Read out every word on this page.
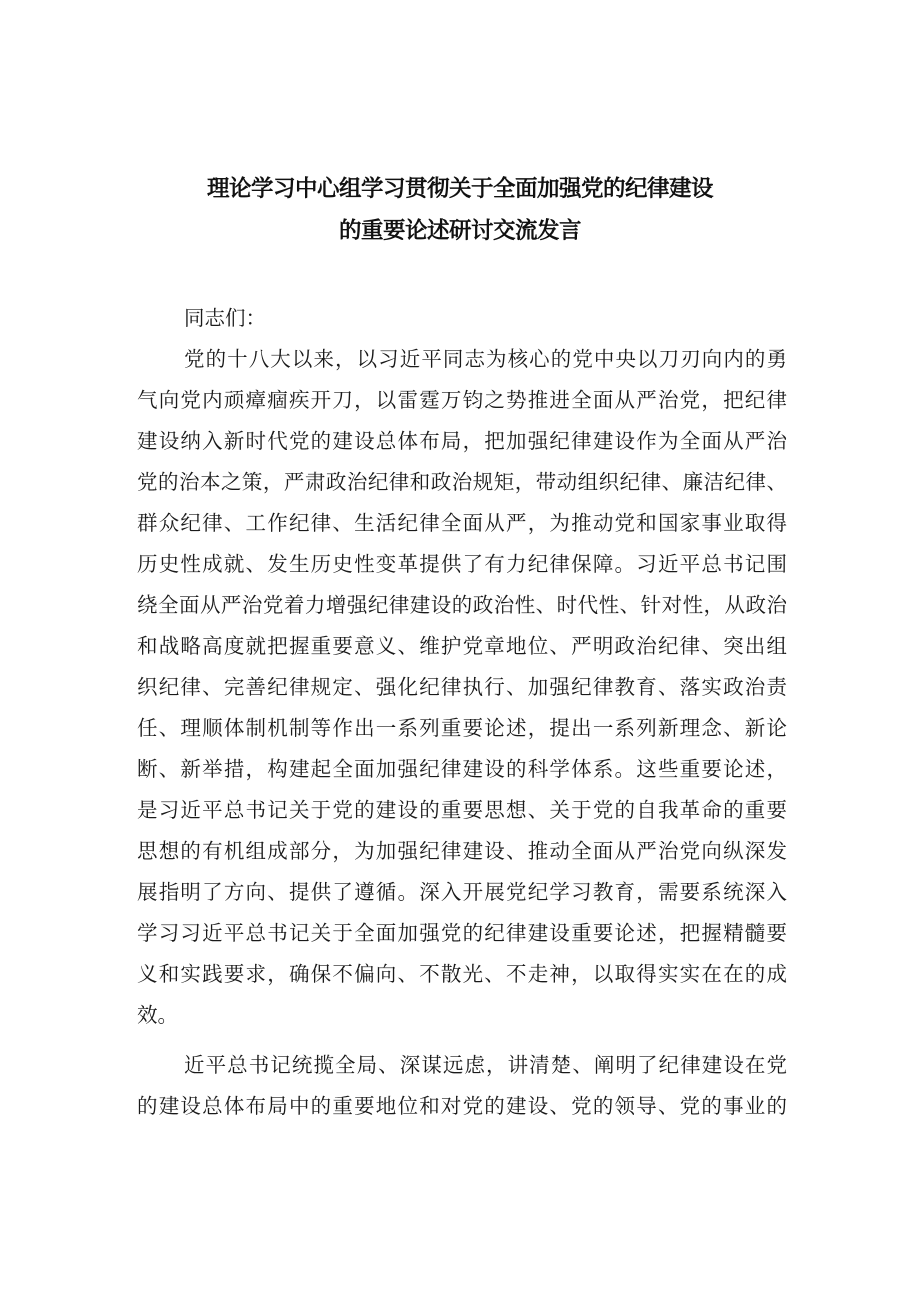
理论学习中心组学习贯彻关于全面加强党的纪律建设
的重要论述研讨交流发言
同志们：
党的十八大以来，以习近平同志为核心的党中央以刀刃向内的勇
气向党内顽瘴痼疾开刀，以雷霆万钧之势推进全面从严治党，把纪律
建设纳入新时代党的建设总体布局，把加强纪律建设作为全面从严治
党的治本之策，严肃政治纪律和政治规矩，带动组织纪律、廉洁纪律、
群众纪律、工作纪律、生活纪律全面从严，为推动党和国家事业取得
历史性成就、发生历史性变革提供了有力纪律保障。习近平总书记围
绕全面从严治党着力增强纪律建设的政治性、时代性、针对性，从政治
和战略高度就把握重要意义、维护党章地位、严明政治纪律、突出组
织纪律、完善纪律规定、强化纪律执行、加强纪律教育、落实政治责
任、理顺体制机制等作出一系列重要论述，提出一系列新理念、新论
断、新举措，构建起全面加强纪律建设的科学体系。这些重要论述，
是习近平总书记关于党的建设的重要思想、关于党的自我革命的重要
思想的有机组成部分，为加强纪律建设、推动全面从严治党向纵深发
展指明了方向、提供了遵循。深入开展党纪学习教育，需要系统深入
学习习近平总书记关于全面加强党的纪律建设重要论述，把握精髓要
义和实践要求，确保不偏向、不散光、不走神，以取得实实在在的成
效。
近平总书记统揽全局、深谋远虑，讲清楚、阐明了纪律建设在党
的建设总体布局中的重要地位和对党的建设、党的领导、党的事业的
